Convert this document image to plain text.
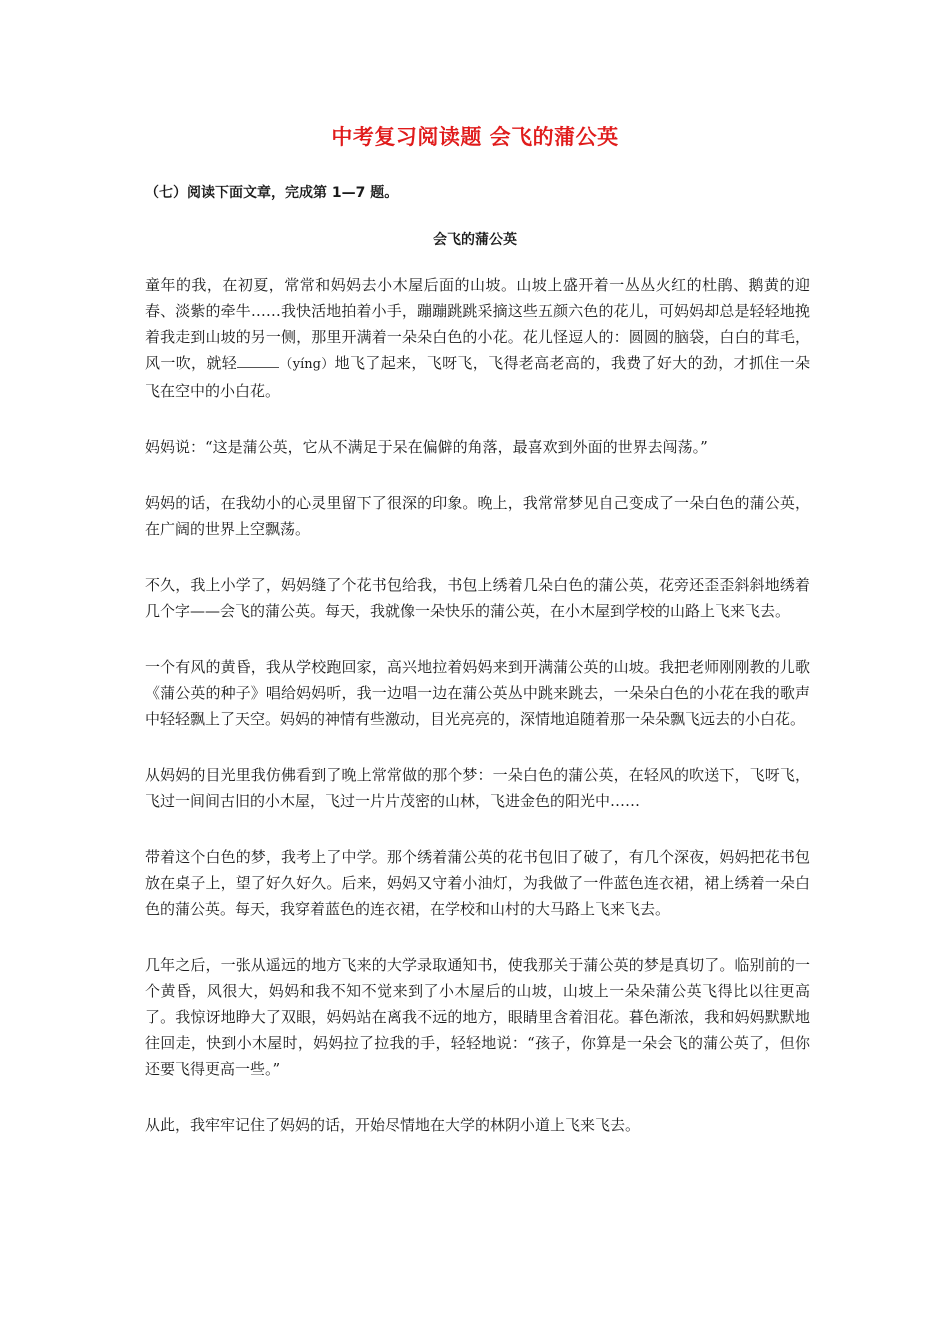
中考复习阅读题 会飞的蒲公英
（七）阅读下面文章，完成第 1—7 题。
会飞的蒲公英

童年的我，在初夏，常常和妈妈去小木屋后面的山坡。山坡上盛开着一丛丛火红的杜鹃、鹅黄的迎春、淡紫的牵牛……我快活地拍着小手，蹦蹦跳跳采摘这些五颜六色的花儿，可妈妈却总是轻轻地挽着我走到山坡的另一侧，那里开满着一朵朵白色的小花。花儿怪逗人的：圆圆的脑袋，白白的茸毛，风一吹，就轻	（yíng）地飞了起来，飞呀飞，飞得老高老高的，我费了好大的劲，才抓住一朵飞在空中的小白花。

妈妈说：“这是蒲公英，它从不满足于呆在偏僻的角落，最喜欢到外面的世界去闯荡。”

妈妈的话，在我幼小的心灵里留下了很深的印象。晚上，我常常梦见自己变成了一朵白色的蒲公英，在广阔的世界上空飘荡。

不久，我上小学了，妈妈缝了个花书包给我，书包上绣着几朵白色的蒲公英，花旁还歪歪斜斜地绣着几个字——会飞的蒲公英。每天，我就像一朵快乐的蒲公英，在小木屋到学校的山路上飞来飞去。

一个有风的黄昏，我从学校跑回家，高兴地拉着妈妈来到开满蒲公英的山坡。我把老师刚刚教的儿歌《蒲公英的种子》唱给妈妈听，我一边唱一边在蒲公英丛中跳来跳去，一朵朵白色的小花在我的歌声中轻轻飘上了天空。妈妈的神情有些激动，目光亮亮的，深情地追随着那一朵朵飘飞远去的小白花。

从妈妈的目光里我仿佛看到了晚上常常做的那个梦：一朵白色的蒲公英，在轻风的吹送下，飞呀飞，飞过一间间古旧的小木屋，飞过一片片茂密的山林，飞进金色的阳光中……

带着这个白色的梦，我考上了中学。那个绣着蒲公英的花书包旧了破了，有几个深夜，妈妈把花书包放在桌子上，望了好久好久。后来，妈妈又守着小油灯，为我做了一件蓝色连衣裙，裙上绣着一朵白色的蒲公英。每天，我穿着蓝色的连衣裙，在学校和山村的大马路上飞来飞去。

几年之后，一张从遥远的地方飞来的大学录取通知书，使我那关于蒲公英的梦是真切了。临别前的一个黄昏，风很大，妈妈和我不知不觉来到了小木屋后的山坡，山坡上一朵朵蒲公英飞得比以往更高了。我惊讶地睁大了双眼，妈妈站在离我不远的地方，眼睛里含着泪花。暮色渐浓，我和妈妈默默地往回走，快到小木屋时，妈妈拉了拉我的手，轻轻地说：“孩子，你算是一朵会飞的蒲公英了，但你还要飞得更高一些。”

从此，我牢牢记住了妈妈的话，开始尽情地在大学的林阴小道上飞来飞去。
